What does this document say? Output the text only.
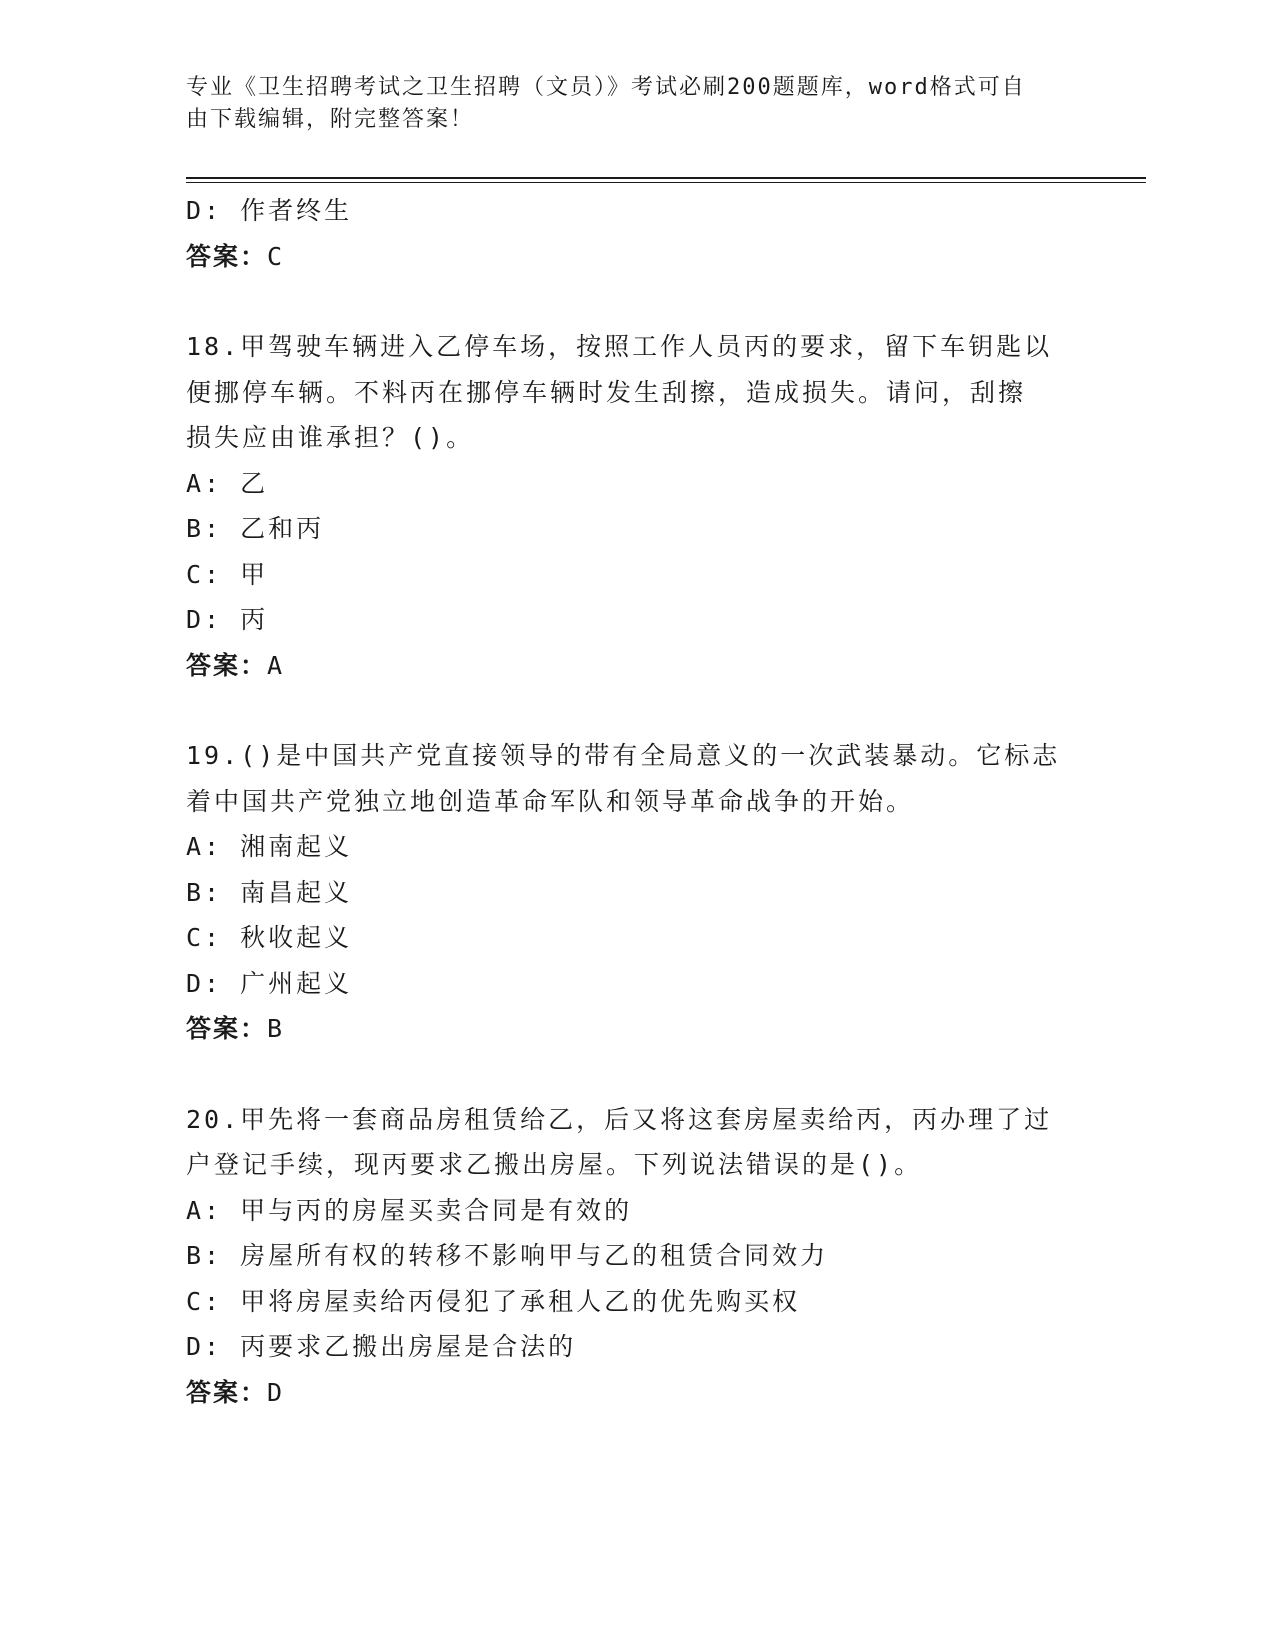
专业《卫生招聘考试之卫生招聘（文员）》考试必刷200题题库，word格式可自
由下载编辑，附完整答案！
D: 作者终生
答案：C
18.甲驾驶车辆进入乙停车场，按照工作人员丙的要求，留下车钥匙以
便挪停车辆。不料丙在挪停车辆时发生刮擦，造成损失。请问，刮擦
损失应由谁承担？()。
A: 乙
B: 乙和丙
C: 甲
D: 丙
答案：A
19.()是中国共产党直接领导的带有全局意义的一次武装暴动。它标志
着中国共产党独立地创造革命军队和领导革命战争的开始。
A: 湘南起义
B: 南昌起义
C: 秋收起义
D: 广州起义
答案：B
20.甲先将一套商品房租赁给乙，后又将这套房屋卖给丙，丙办理了过
户登记手续，现丙要求乙搬出房屋。下列说法错误的是()。
A: 甲与丙的房屋买卖合同是有效的
B: 房屋所有权的转移不影响甲与乙的租赁合同效力
C: 甲将房屋卖给丙侵犯了承租人乙的优先购买权
D: 丙要求乙搬出房屋是合法的
答案：D
